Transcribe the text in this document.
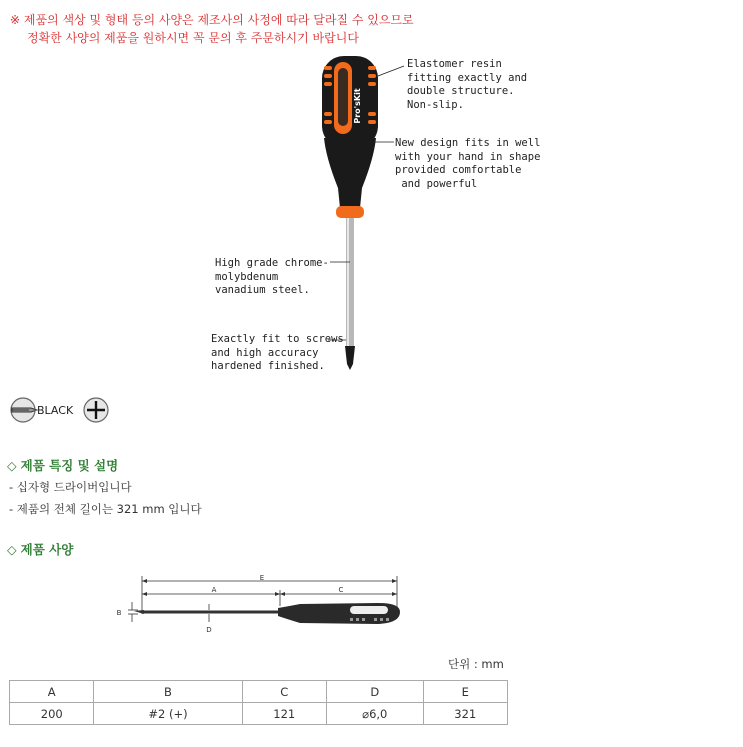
※ 제품의 색상 및 형태 등의 사양은 제조사의 사정에 따라 달라질 수 있으므로
정확한 사양의 제품을 원하시면 꼭 문의 후 주문하시기 바랍니다
Pro'sKit
Elastomer resin
fitting exactly and
double structure.
Non-slip.
New design fits in well
with your hand in shape
provided comfortable
and powerful
High grade chrome-
molybdenum
vanadium steel.
Exactly fit to screws
and high accuracy
hardened finished.
BLACK
◇ 제품 특징 및 설명
- 십자형 드라이버입니다
- 제품의 전체 길이는 321 mm 입니다
◇ 제품 사양
E
A	C
B
D
단위 : mm
A	B	C	D	E
200	#2 (+)	121	⌀6,0	321
